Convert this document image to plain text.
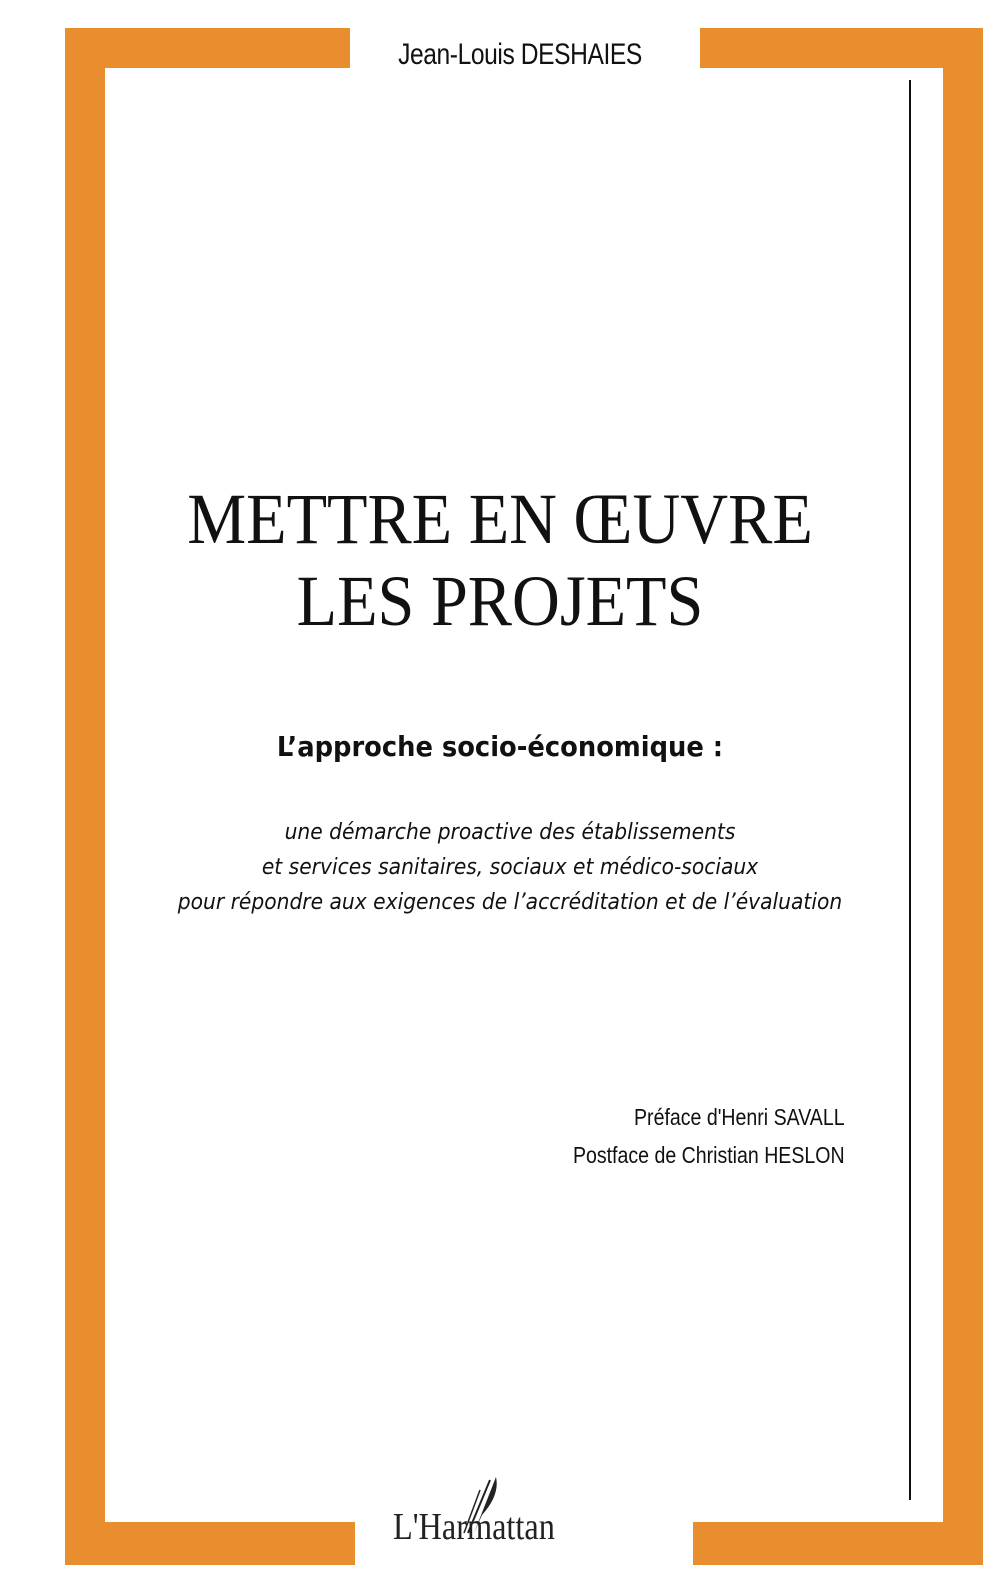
Jean-Louis DESHAIES
METTRE EN ŒUVRE
LES PROJETS
L’approche socio-économique :
une démarche proactive des établissements
et services sanitaires, sociaux et médico-sociaux
pour répondre aux exigences de l’accréditation et de l’évaluation
Préface d'Henri SAVALL
Postface de Christian HESLON
L'Harmattan
